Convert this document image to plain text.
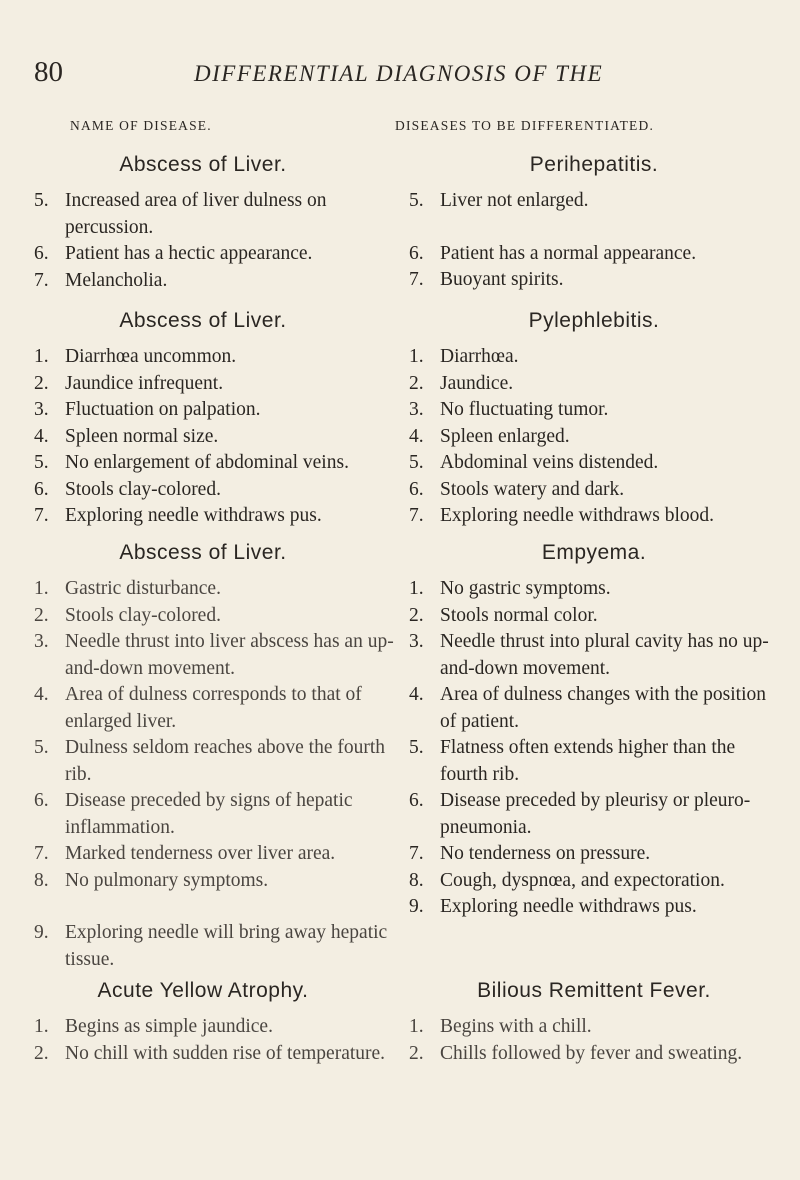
80	DIFFERENTIAL DIAGNOSIS OF THE
NAME OF DISEASE.
Abscess of Liver.
5. Increased area of liver dulness on percussion.
6. Patient has a hectic appearance.
7. Melancholia.
Abscess of Liver.
1. Diarrhœa uncommon.
2. Jaundice infrequent.
3. Fluctuation on palpation.
4. Spleen normal size.
5. No enlargement of abdominal veins.
6. Stools clay-colored.
7. Exploring needle withdraws pus.
Abscess of Liver.
1. Gastric disturbance.
2. Stools clay-colored.
3. Needle thrust into liver abscess has an up-and-down movement.
4. Area of dulness corresponds to that of enlarged liver.
5. Dulness seldom reaches above the fourth rib.
6. Disease preceded by signs of hepatic inflammation.
7. Marked tenderness over liver area.
8. No pulmonary symptoms.
9. Exploring needle will bring away hepatic tissue.
Acute Yellow Atrophy.
1. Begins as simple jaundice.
2. No chill with sudden rise of temperature.
DISEASES TO BE DIFFERENTIATED.
Perihepatitis.
5. Liver not enlarged.
6. Patient has a normal appearance.
7. Buoyant spirits.
Pylephlebitis.
1. Diarrhœa.
2. Jaundice.
3. No fluctuating tumor.
4. Spleen enlarged.
5. Abdominal veins distended.
6. Stools watery and dark.
7. Exploring needle withdraws blood.
Empyema.
1. No gastric symptoms.
2. Stools normal color.
3. Needle thrust into plural cavity has no up-and-down movement.
4. Area of dulness changes with the position of patient.
5. Flatness often extends higher than the fourth rib.
6. Disease preceded by pleurisy or pleuro-pneumonia.
7. No tenderness on pressure.
8. Cough, dyspnœa, and expectoration.
9. Exploring needle withdraws pus.
Bilious Remittent Fever.
1. Begins with a chill.
2. Chills followed by fever and sweating.
